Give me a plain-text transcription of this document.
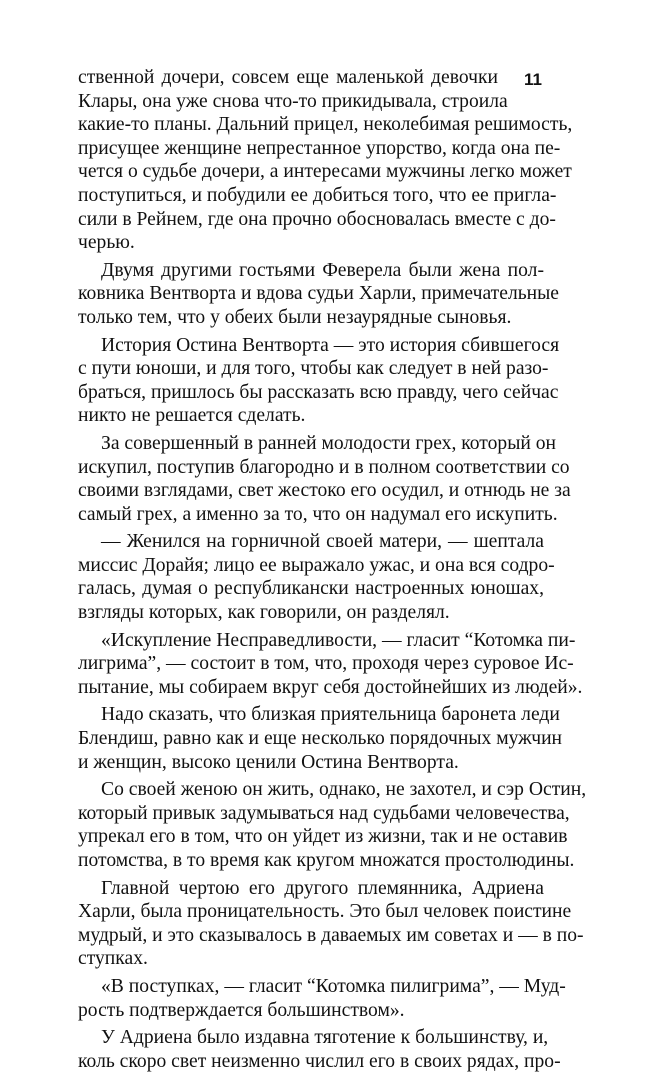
11
ственной дочери, совсем еще маленькой девочки
Клары, она уже снова что-то прикидывала, строила
какие-то планы. Дальний прицел, неколебимая решимость,
присущее женщине непрестанное упорство, когда она пе-
чется о судьбе дочери, а интересами мужчины легко может
поступиться, и побудили ее добиться того, что ее пригла-
сили в Рейнем, где она прочно обосновалась вместе с до-
черью.
Двумя другими гостьями Феверела были жена пол-
ковника Вентворта и вдова судьи Харли, примечательные
только тем, что у обеих были незаурядные сыновья.
История Остина Вентворта — это история сбившегося
с пути юноши, и для того, чтобы как следует в ней разо-
браться, пришлось бы рассказать всю правду, чего сейчас
никто не решается сделать.
За совершенный в ранней молодости грех, который он
искупил, поступив благородно и в полном соответствии со
своими взглядами, свет жестоко его осудил, и отнюдь не за
самый грех, а именно за то, что он надумал его искупить.
— Женился на горничной своей матери, — шептала
миссис Дорайя; лицо ее выражало ужас, и она вся содро-
галась, думая о республикански настроенных юношах,
взгляды которых, как говорили, он разделял.
«Искупление Несправедливости, — гласит “Котомка пи-
лигрима”, — состоит в том, что, проходя через суровое Ис-
пытание, мы собираем вкруг себя достойнейших из людей».
Надо сказать, что близкая приятельница баронета леди
Блендиш, равно как и еще несколько порядочных мужчин
и женщин, высоко ценили Остина Вентворта.
Со своей женою он жить, однако, не захотел, и сэр Остин,
который привык задумываться над судьбами человечества,
упрекал его в том, что он уйдет из жизни, так и не оставив
потомства, в то время как кругом множатся простолюдины.
Главной чертою его другого племянника, Адриена
Харли, была проницательность. Это был человек поистине
мудрый, и это сказывалось в даваемых им советах и — в по-
ступках.
«В поступках, — гласит “Котомка пилигрима”, — Муд-
рость подтверждается большинством».
У Адриена было издавна тяготение к большинству, и,
коль скоро свет неизменно числил его в своих рядах, про-
